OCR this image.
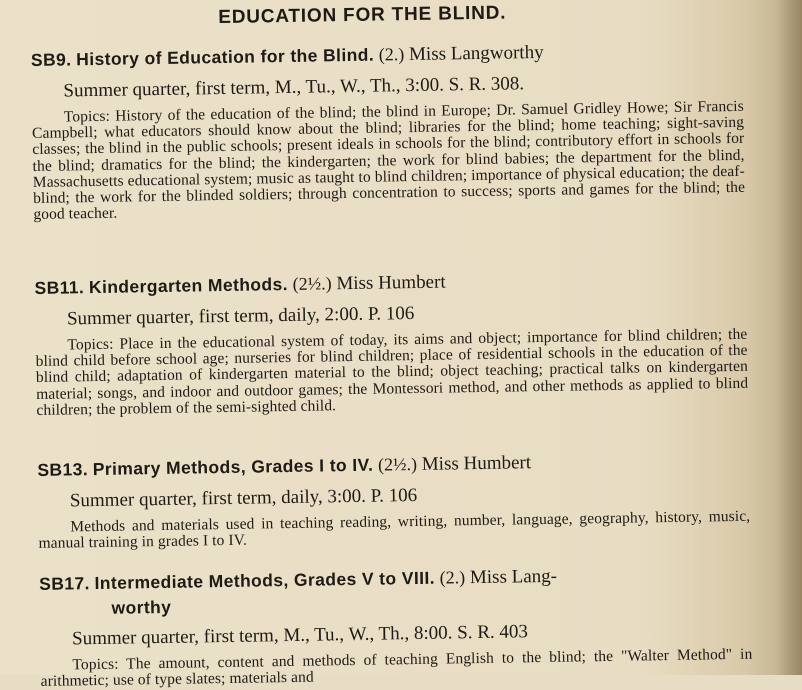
EDUCATION FOR THE BLIND.
SB9. History of Education for the Blind. (2.) Miss Langworthy
Summer quarter, first term, M., Tu., W., Th., 3:00. S. R. 308.
Topics: History of the education of the blind; the blind in Europe; Dr. Samuel Gridley Howe; Sir Francis Campbell; what educators should know about the blind; libraries for the blind; home teaching; sight-saving classes; the blind in the public schools; present ideals in schools for the blind; contributory effort in schools for the blind; dramatics for the blind; the kindergarten; the work for blind babies; the department for the blind, Massachusetts educational system; music as taught to blind children; importance of physical education; the deaf-blind; the work for the blinded soldiers; through concentration to success; sports and games for the blind; the good teacher.
SB11. Kindergarten Methods. (2½.) Miss Humbert
Summer quarter, first term, daily, 2:00. P. 106
Topics: Place in the educational system of today, its aims and object; importance for blind children; the blind child before school age; nurseries for blind children; place of residential schools in the education of the blind child; adaptation of kindergarten material to the blind; object teaching; practical talks on kindergarten material; songs, and indoor and outdoor games; the Montessori method, and other methods as applied to blind children; the problem of the semi-sighted child.
SB13. Primary Methods, Grades I to IV. (2½.) Miss Humbert
Summer quarter, first term, daily, 3:00. P. 106
Methods and materials used in teaching reading, writing, number, language, geography, history, music, manual training in grades I to IV.
SB17. Intermediate Methods, Grades V to VIII. (2.) Miss Lang-
worthy
Summer quarter, first term, M., Tu., W., Th., 8:00. S. R. 403
Topics: The amount, content and methods of teaching English to the blind; the "Walter Method" in arithmetic; use of type slates; materials and
